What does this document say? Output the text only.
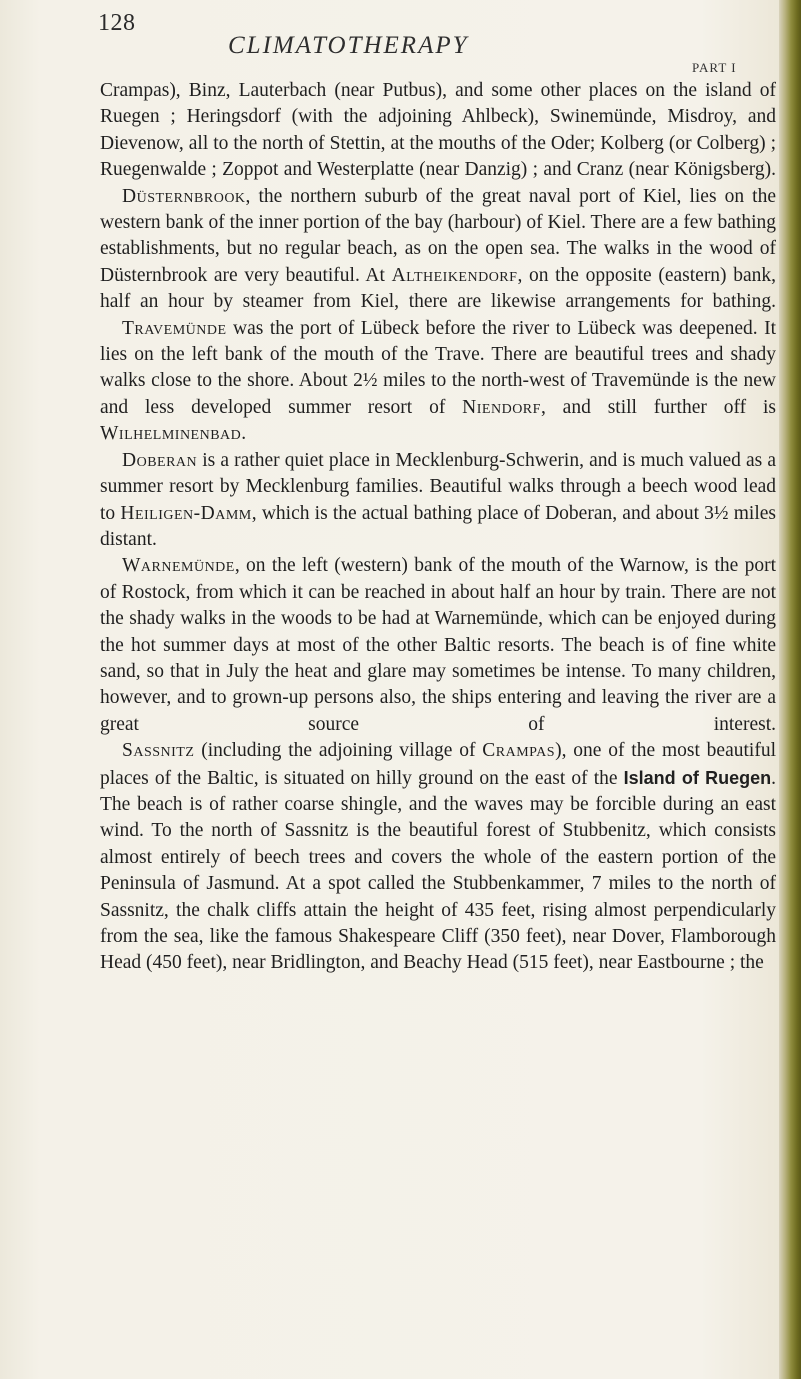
128
CLIMATOTHERAPY
PART I

Crampas), Binz, Lauterbach (near Putbus), and some other places on the island of Ruegen ; Heringsdorf (with the adjoining Ahlbeck), Swinemünde, Misdroy, and Dievenow, all to the north of Stettin, at the mouths of the Oder; Kolberg (or Colberg) ; Ruegenwalde ; Zoppot and Westerplatte (near Danzig) ; and Cranz (near Königsberg).

Düsternbrook, the northern suburb of the great naval port of Kiel, lies on the western bank of the inner portion of the bay (harbour) of Kiel. There are a few bathing establishments, but no regular beach, as on the open sea. The walks in the wood of Düsternbrook are very beautiful. At Altheikendorf, on the opposite (eastern) bank, half an hour by steamer from Kiel, there are likewise arrangements for bathing.

Travemünde was the port of Lübeck before the river to Lübeck was deepened. It lies on the left bank of the mouth of the Trave. There are beautiful trees and shady walks close to the shore. About 2½ miles to the north-west of Travemünde is the new and less developed summer resort of Niendorf, and still further off is Wilhelminenbad.

Doberan is a rather quiet place in Mecklenburg-Schwerin, and is much valued as a summer resort by Mecklenburg families. Beautiful walks through a beech wood lead to Heiligen-Damm, which is the actual bathing place of Doberan, and about 3½ miles distant.

Warnemünde, on the left (western) bank of the mouth of the Warnow, is the port of Rostock, from which it can be reached in about half an hour by train. There are not the shady walks in the woods to be had at Warnemünde, which can be enjoyed during the hot summer days at most of the other Baltic resorts. The beach is of fine white sand, so that in July the heat and glare may sometimes be intense. To many children, however, and to grown-up persons also, the ships entering and leaving the river are a great source of interest.

Sassnitz (including the adjoining village of Crampas), one of the most beautiful places of the Baltic, is situated on hilly ground on the east of the Island of Ruegen. The beach is of rather coarse shingle, and the waves may be forcible during an east wind. To the north of Sassnitz is the beautiful forest of Stubbenitz, which consists almost entirely of beech trees and covers the whole of the eastern portion of the Peninsula of Jasmund. At a spot called the Stubbenkammer, 7 miles to the north of Sassnitz, the chalk cliffs attain the height of 435 feet, rising almost perpendicularly from the sea, like the famous Shakespeare Cliff (350 feet), near Dover, Flamborough Head (450 feet), near Bridlington, and Beachy Head (515 feet), near Eastbourne ; the
